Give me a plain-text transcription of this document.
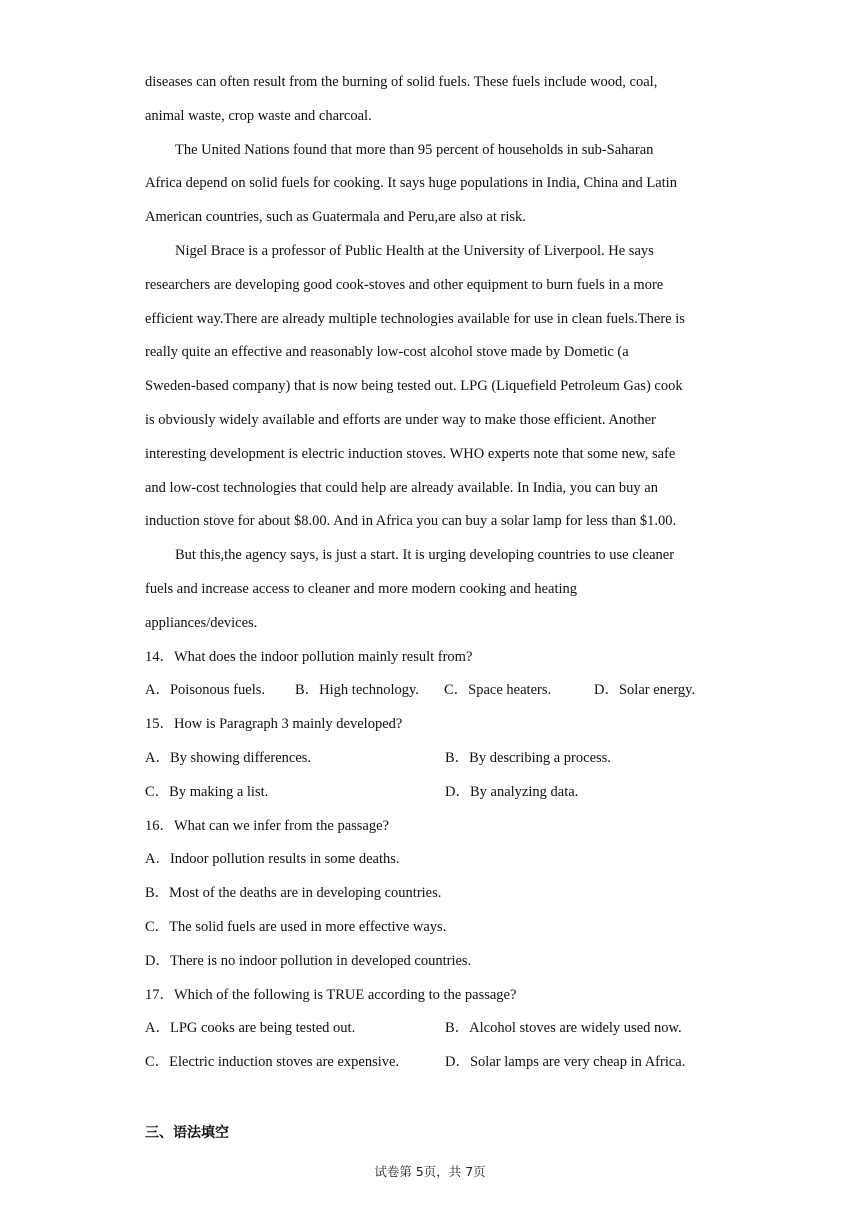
diseases can often result from the burning of solid fuels. These fuels include wood, coal,
animal waste, crop waste and charcoal.
The United Nations found that more than 95 percent of households in sub-Saharan
Africa depend on solid fuels for cooking. It says huge populations in India, China and Latin
American countries, such as Guatermala and Peru,are also at risk.
Nigel Brace is a professor of Public Health at the University of Liverpool. He says
researchers are developing good cook-stoves and other equipment to burn fuels in a more
efficient way.There are already multiple technologies available for use in clean fuels.There is
really quite an effective and reasonably low-cost alcohol stove made by Dometic (a
Sweden-based company) that is now being tested out. LPG (Liquefield Petroleum Gas) cook
is obviously widely available and efforts are under way to make those efficient. Another
interesting development is electric induction stoves. WHO experts note that some new, safe
and low-cost technologies that could help are already available. In India, you can buy an
induction stove for about $8.00. And in Africa you can buy a solar lamp for less than $1.00.
But this,the agency says, is just a start. It is urging developing countries to use cleaner
fuels and increase access to cleaner and more modern cooking and heating
appliances/devices.
14．What does the indoor pollution mainly result from?
A．Poisonous fuels.	B．High technology.	C．Space heaters.	D．Solar energy.
15．How is Paragraph 3 mainly developed?
A．By showing differences.	B．By describing a process.
C．By making a list.	D．By analyzing data.
16．What can we infer from the passage?
A．Indoor pollution results in some deaths.
B．Most of the deaths are in developing countries.
C．The solid fuels are used in more effective ways.
D．There is no indoor pollution in developed countries.
17．Which of the following is TRUE according to the passage?
A．LPG cooks are being tested out.	B．Alcohol stoves are widely used now.
C．Electric induction stoves are expensive.	D．Solar lamps are very cheap in Africa.
三、语法填空
试卷第 5页，共 7页
